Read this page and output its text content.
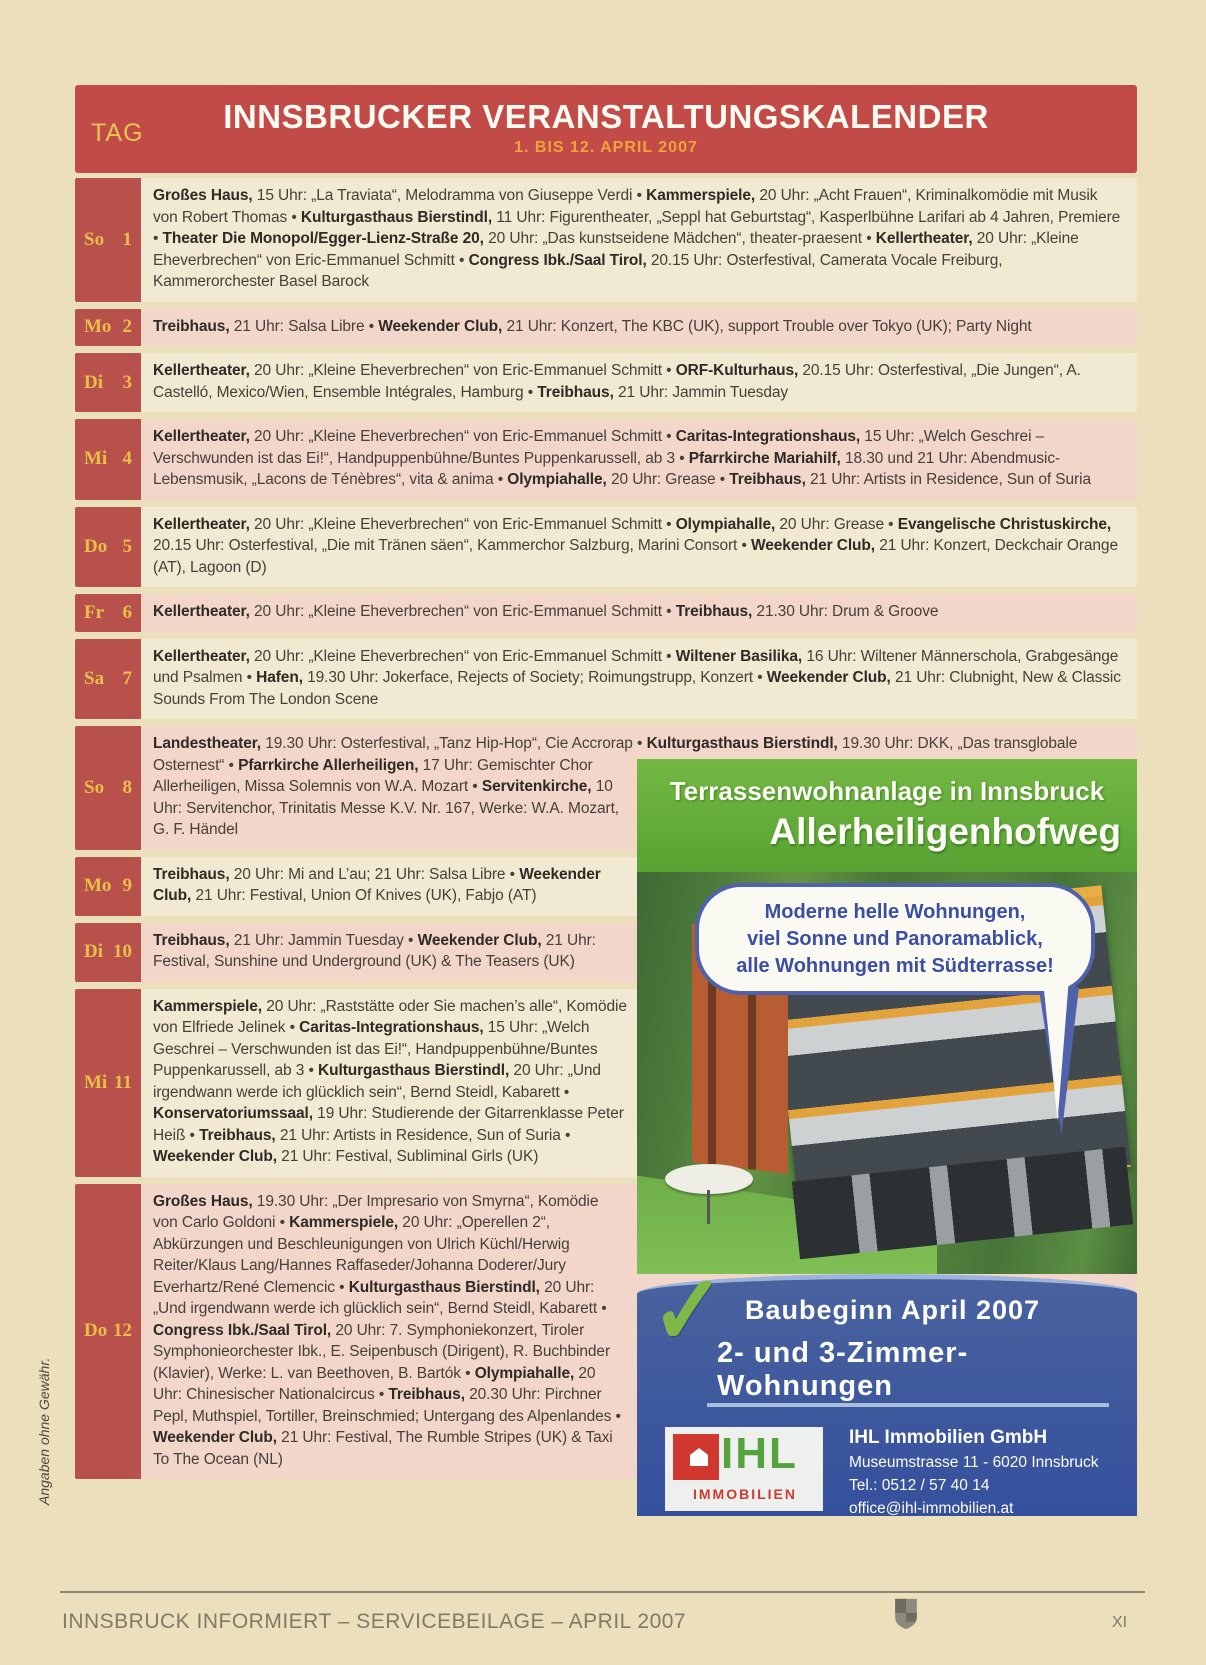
TAG	INNSBRUCKER VERANSTALTUNGSKALENDER
1. BIS 12. APRIL 2007
So 1

Großes Haus, 15 Uhr: „La Traviata“, Melodramma von Giuseppe Verdi • Kammerspiele, 20 Uhr: „Acht Frauen“, Kriminalkomödie mit Musik von Robert Thomas • Kulturgasthaus Bierstindl, 11 Uhr: Figurentheater, „Seppl hat Geburtstag“, Kasperlbühne Larifari ab 4 Jahren, Premiere • Theater Die Monopol/Egger-Lienz-Straße 20, 20 Uhr: „Das kunstseidene Mädchen“, theater-praesent • Kellertheater, 20 Uhr: „Kleine Eheverbrechen“ von Eric-Emmanuel Schmitt • Congress Ibk./Saal Tirol, 20.15 Uhr: Osterfestival, Camerata Vocale Freiburg, Kammerorchester Basel Barock

Mo 2 Treibhaus, 21 Uhr: Salsa Libre • Weekender Club, 21 Uhr: Konzert, The KBC (UK), support Trouble over Tokyo (UK); Party Night

Di 3

Kellertheater, 20 Uhr: „Kleine Eheverbrechen“ von Eric-Emmanuel Schmitt • ORF-Kulturhaus, 20.15 Uhr: Osterfestival, „Die Jungen“, A. Castelló, Mexico/Wien, Ensemble Intégrales, Hamburg • Treibhaus, 21 Uhr: Jammin Tuesday

Mi 4

Kellertheater, 20 Uhr: „Kleine Eheverbrechen“ von Eric-Emmanuel Schmitt • Caritas-Integrationshaus, 15 Uhr: „Welch Geschrei – Verschwunden ist das Ei!“, Handpuppenbühne/Buntes Puppenkarussell, ab 3 • Pfarrkirche Mariahilf, 18.30 und 21 Uhr: Abendmusic-Lebensmusik, „Lacons de Ténèbres“, vita & anima • Olympiahalle, 20 Uhr: Grease • Treibhaus, 21 Uhr: Artists in Residence, Sun of Suria

Do 5

Kellertheater, 20 Uhr: „Kleine Eheverbrechen“ von Eric-Emmanuel Schmitt • Olympiahalle, 20 Uhr: Grease • Evangelische Christuskirche, 20.15 Uhr: Osterfestival, „Die mit Tränen säen“, Kammerchor Salzburg, Marini Consort • Weekender Club, 21 Uhr: Konzert, Deckchair Orange (AT), Lagoon (D)

Fr 6 Kellertheater, 20 Uhr: „Kleine Eheverbrechen“ von Eric-Emmanuel Schmitt • Treibhaus, 21.30 Uhr: Drum & Groove

Sa 7

Kellertheater, 20 Uhr: „Kleine Eheverbrechen“ von Eric-Emmanuel Schmitt • Wiltener Basilika, 16 Uhr: Wiltener Männerschola, Grabgesänge und Psalmen • Hafen, 19.30 Uhr: Jokerface, Rejects of Society; Roimungstrupp, Konzert • Weekender Club, 21 Uhr: Clubnight, New & Classic Sounds From The London Scene

So 8	Terrassenwohnanlage in Innsbruck
Allerheiligenhofweg
Moderne helle Wohnungen,
viel Sonne und Panoramablick,
alle Wohnungen mit Südterrasse!
✓ Baubeginn April 2007
2- und 3-Zimmer-Wohnungen
IHL
IMMOBILIEN
IHL Immobilien GmbH
Museumstrasse 11 - 6020 Innsbruck
Tel.: 0512 / 57 40 14
office@ihl-immobilien.at

Landestheater, 19.30 Uhr: Osterfestival, „Tanz Hip-Hop“, Cie Accrorap • Kulturgasthaus Bierstindl, 19.30 Uhr: DKK, „Das transglobale Osternest“ • Pfarrkirche Allerheiligen, 17 Uhr: Gemischter Chor Allerheiligen, Missa Solemnis von W.A. Mozart • Servitenkirche, 10 Uhr: Servitenchor, Trinitatis Messe K.V. Nr. 167, Werke: W.A. Mozart, G. F. Händel

Mo 9

Treibhaus, 20 Uhr: Mi and L’au; 21 Uhr: Salsa Libre • Weekender Club, 21 Uhr: Festival, Union Of Knives (UK), Fabjo (AT)

Di 10

Treibhaus, 21 Uhr: Jammin Tuesday • Weekender Club, 21 Uhr: Festival, Sunshine und Underground (UK) & The Teasers (UK)

Mi 11

Kammerspiele, 20 Uhr: „Raststätte oder Sie machen’s alle“, Komödie von Elfriede Jelinek • Caritas-Integrationshaus, 15 Uhr: „Welch Geschrei – Verschwunden ist das Ei!“, Handpuppenbühne/Buntes Puppenkarussell, ab 3 • Kulturgasthaus Bierstindl, 20 Uhr: „Und irgendwann werde ich glücklich sein“, Bernd Steidl, Kabarett • Konservatoriumssaal, 19 Uhr: Studierende der Gitarrenklasse Peter Heiß • Treibhaus, 21 Uhr: Artists in Residence, Sun of Suria • Weekender Club, 21 Uhr: Festival, Subliminal Girls (UK)

Do 12

Großes Haus, 19.30 Uhr: „Der Impresario von Smyrna“, Komödie von Carlo Goldoni • Kammerspiele, 20 Uhr: „Operellen 2“, Abkürzungen und Beschleunigungen von Ulrich Küchl/Herwig Reiter/Klaus Lang/Hannes Raffaseder/Johanna Doderer/Jury Everhartz/René Clemencic • Kulturgasthaus Bierstindl, 20 Uhr: „Und irgendwann werde ich glücklich sein“, Bernd Steidl, Kabarett • Congress Ibk./Saal Tirol, 20 Uhr: 7. Symphoniekonzert, Tiroler Symphonieorchester Ibk., E. Seipenbusch (Dirigent), R. Buchbinder (Klavier), Werke: L. van Beethoven, B. Bartók • Olympiahalle, 20 Uhr: Chinesischer Nationalcircus • Treibhaus, 20.30 Uhr: Pirchner Pepl, Muthspiel, Tortiller, Breinschmied; Untergang des Alpenlandes • Weekender Club, 21 Uhr: Festival, The Rumble Stripes (UK) & Taxi To The Ocean (NL)

Angaben ohne Gewähr.
INNSBRUCK INFORMIERT – SERVICEBEILAGE – APRIL 2007	XI
